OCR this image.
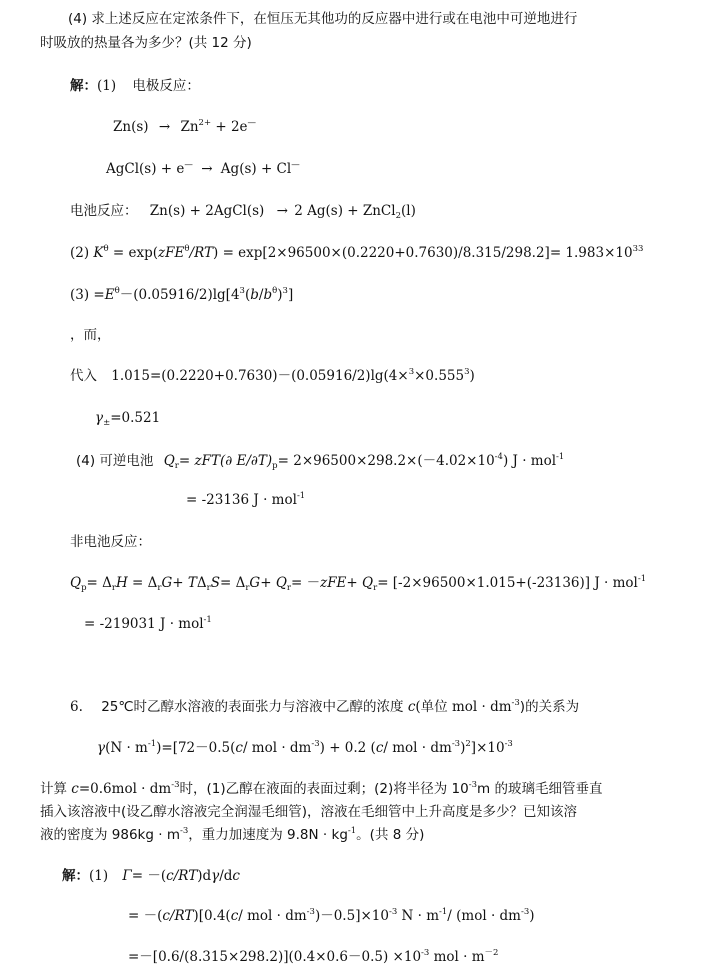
(4) 求上述反应在定浓条件下，在恒压无其他功的反应器中进行或在电池中可逆地进行
时吸放的热量各为多少？(共 12 分)
解：(1) 电极反应：
$Zn(s) \to Zn^{2+} + 2e^—$
AgCl(s) + e— → Ag(s) + Cl—
电池反应： Zn(s) + 2AgCl(s) → 2 Ag(s) + ZnCl$_2$(l)
(2) $K^\theta = \exp(zFE^\theta/RT) = \exp[2\times 96500\times(0.2220+0.7630)/8.315/298.2]= 1.983\times 10^{33}$
$(3) =E^\theta-(0.05916/2)\lg[4^3(b/b^\theta)^3]$
，而，
代入 $1.015=(0.2220+0.7630)-(0.05916/2)\lg(4\times^3\times 0.555^3)$
$\gamma_\pm=0.521$
(4) 可逆电池 $Q_r= zFT(\partial$ $E/\partial T)_p= 2\times 96500\times 298.2\times(-4.02\times 10^{-4})$ J · mol$^{-1}$
= -23136 J · mol$^{-1}$
非电池反应：
$Q_p= \Delta_rH = \Delta_rG+ T\Delta_rS= \Delta_rG+ Q_r= -zFE+ Q_r= [-2\times 96500\times 1.015+(-23136)] J \cdot mol^{-1}$
= -219031 J · mol$^{-1}$
6. 25℃时乙醇水溶液的表面张力与溶液中乙醇的浓度 c(单位 mol · $dm^{-3}$)的关系为
$\gamma(N \cdot m^{-1})=[72-0.5(c/$ mol · $dm^{-3}) + 0.2$ (c/ mol · $dm^{-3})^2]\times 10^{-3}$
计算 $c=0.6mol \cdot dm^{-3}$时，(1)乙醇在液面的表面过剩；(2)将半径为 $10^{-3}m$ 的玻璃毛细管垂直
插入该溶液中(设乙醇水溶液完全润湿毛细管)，溶液在毛细管中上升高度是多少？已知该溶
液的密度为 $986kg \cdot m^{-3}$，重力加速度为 $9.8N \cdot kg^{-1}$。(共 8 分)
解：(1) Γ= －(c/RT)dγ/dc
= －(c/RT)[0.4(c/ mol · $dm^{-3})-0.5]\times 10^{-3}$ $N \cdot m^{-1}/$ $(mol \cdot dm^{-3})$
$=-[0.6/(8.315\times 298.2)](0.4\times 0.6-0.5) \times 10^{-3}$ mol · $m^{-2}$
